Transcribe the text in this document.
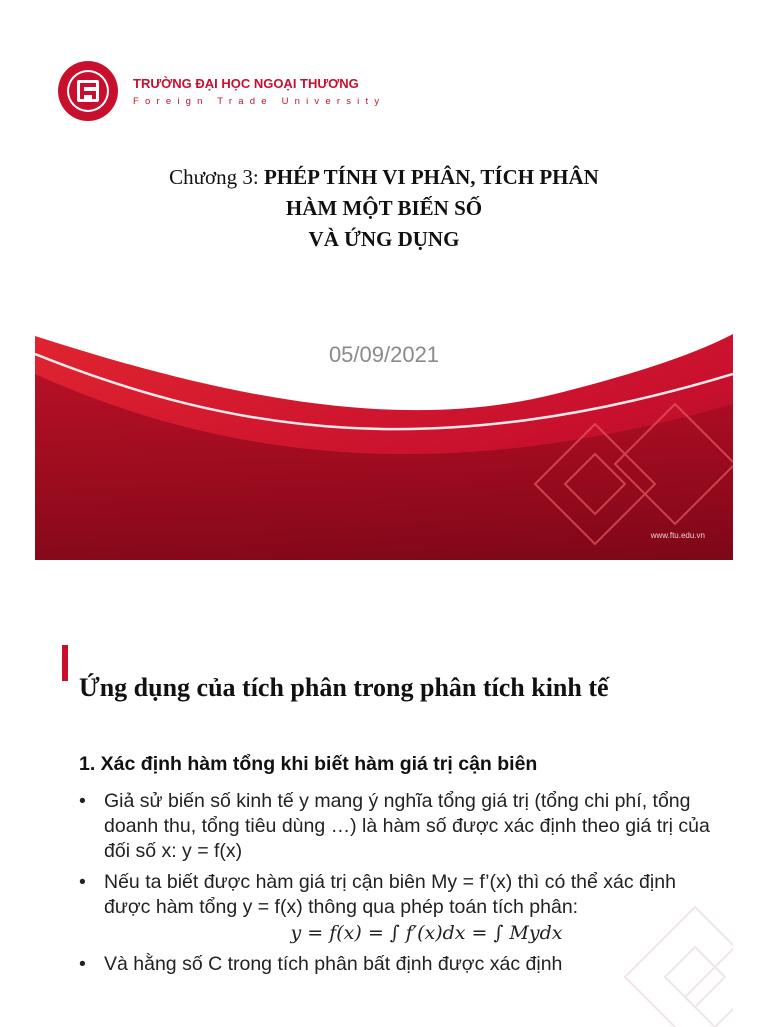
TRƯỜNG ĐẠI HỌC NGOẠI THƯƠNG
Foreign Trade University
Chương 3: PHÉP TÍNH VI PHÂN, TÍCH PHÂN
HÀM MỘT BIẾN SỐ
VÀ ỨNG DỤNG
05/09/2021
www.ftu.edu.vn
Ứng dụng của tích phân trong phân tích kinh tế
1. Xác định hàm tổng khi biết hàm giá trị cận biên
• Giả sử biến số kinh tế y mang ý nghĩa tổng giá trị (tổng chi phí, tổng doanh thu, tổng tiêu dùng …) là hàm số được xác định theo giá trị của đối số x: y = f(x)
• Nếu ta biết được hàm giá trị cận biên My = f’(x) thì có thể xác định được hàm tổng y = f(x) thông qua phép toán tích phân:
y = f(x) = ∫ f′(x)dx = ∫ Mydx
• Và hằng số C trong tích phân bất định được xác định
